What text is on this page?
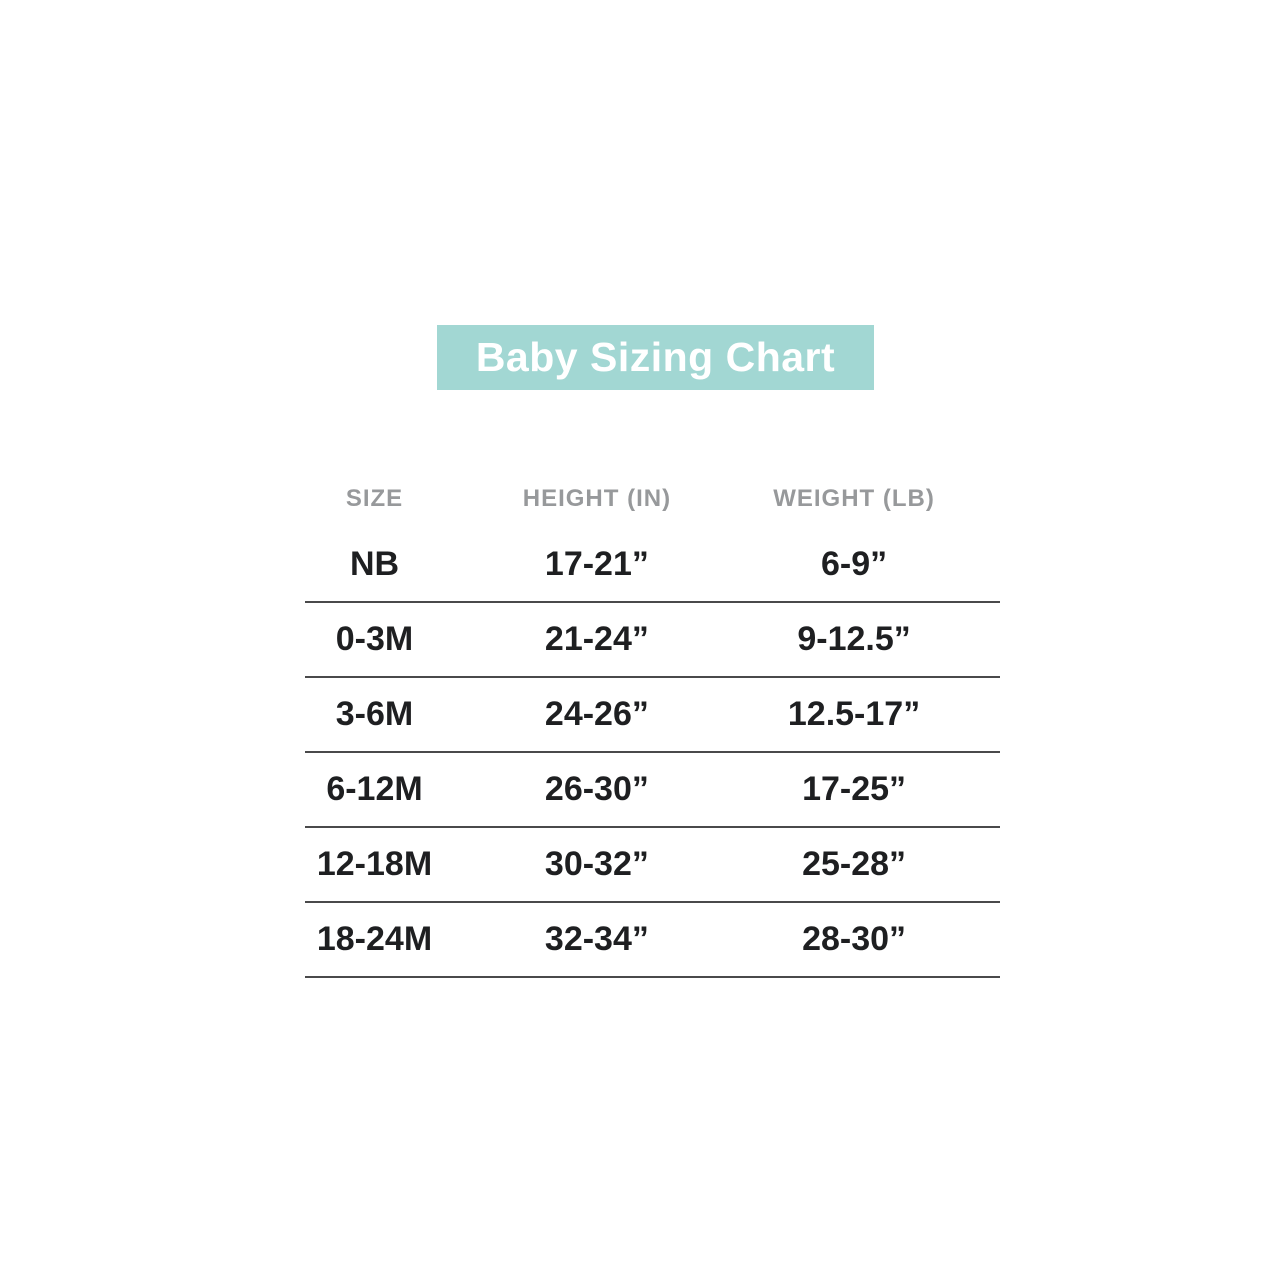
Baby Sizing Chart
SIZE	HEIGHT (IN)	WEIGHT (LB)
NB	17-21”	6-9”
0-3M	21-24”	9-12.5”
3-6M	24-26”	12.5-17”
6-12M	26-30”	17-25”
12-18M	30-32”	25-28”
18-24M	32-34”	28-30”
